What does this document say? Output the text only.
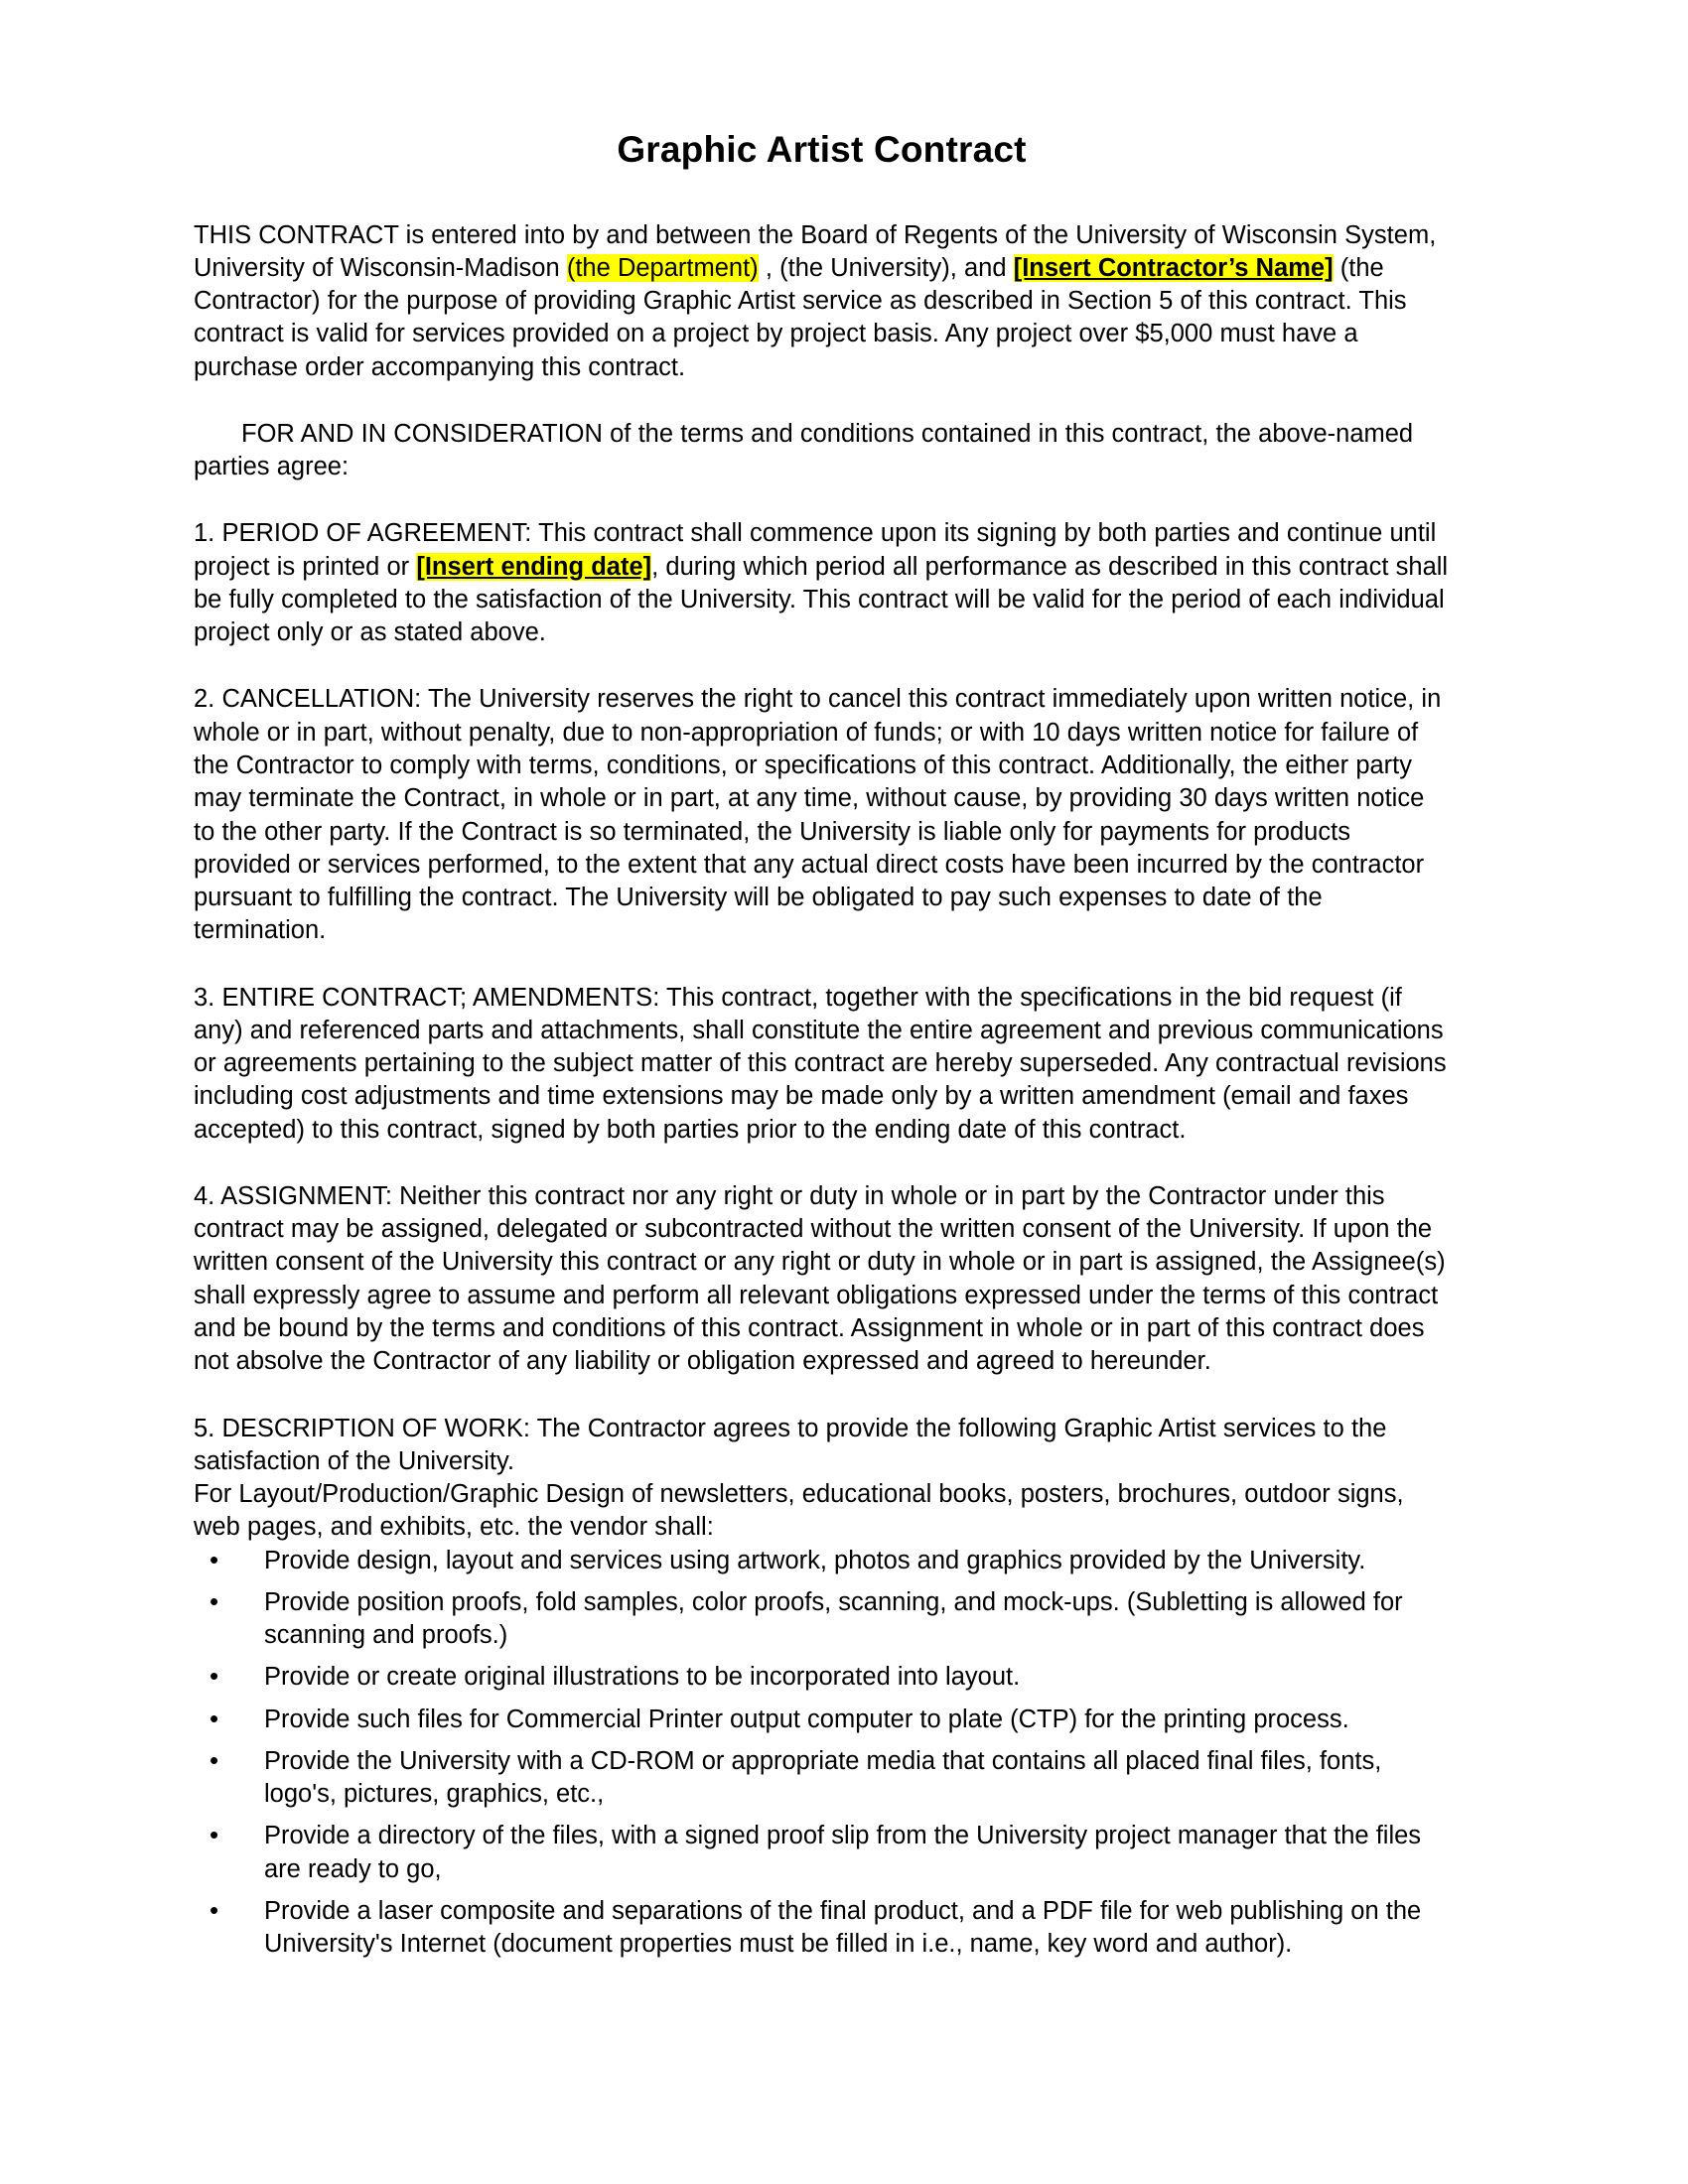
Graphic Artist Contract

THIS CONTRACT is entered into by and between the Board of Regents of the University of Wisconsin System, University of Wisconsin-Madison (the Department) , (the University), and [Insert Contractor’s Name] (the Contractor) for the purpose of providing Graphic Artist service as described in Section 5 of this contract. This contract is valid for services provided on a project by project basis. Any project over $5,000 must have a purchase order accompanying this contract.

FOR AND IN CONSIDERATION of the terms and conditions contained in this contract, the above-named parties agree:

1. PERIOD OF AGREEMENT: This contract shall commence upon its signing by both parties and continue until project is printed or [Insert ending date], during which period all performance as described in this contract shall be fully completed to the satisfaction of the University. This contract will be valid for the period of each individual project only or as stated above.

2. CANCELLATION: The University reserves the right to cancel this contract immediately upon written notice, in whole or in part, without penalty, due to non-appropriation of funds; or with 10 days written notice for failure of the Contractor to comply with terms, conditions, or specifications of this contract. Additionally, the either party may terminate the Contract, in whole or in part, at any time, without cause, by providing 30 days written notice to the other party. If the Contract is so terminated, the University is liable only for payments for products provided or services performed, to the extent that any actual direct costs have been incurred by the contractor pursuant to fulfilling the contract. The University will be obligated to pay such expenses to date of the termination.

3. ENTIRE CONTRACT; AMENDMENTS: This contract, together with the specifications in the bid request (if any) and referenced parts and attachments, shall constitute the entire agreement and previous communications or agreements pertaining to the subject matter of this contract are hereby superseded. Any contractual revisions including cost adjustments and time extensions may be made only by a written amendment (email and faxes accepted) to this contract, signed by both parties prior to the ending date of this contract.

4. ASSIGNMENT: Neither this contract nor any right or duty in whole or in part by the Contractor under this contract may be assigned, delegated or subcontracted without the written consent of the University. If upon the written consent of the University this contract or any right or duty in whole or in part is assigned, the Assignee(s) shall expressly agree to assume and perform all relevant obligations expressed under the terms of this contract and be bound by the terms and conditions of this contract. Assignment in whole or in part of this contract does not absolve the Contractor of any liability or obligation expressed and agreed to hereunder.

5. DESCRIPTION OF WORK: The Contractor agrees to provide the following Graphic Artist services to the satisfaction of the University.

For Layout/Production/Graphic Design of newsletters, educational books, posters, brochures, outdoor signs, web pages, and exhibits, etc. the vendor shall:

• Provide design, layout and services using artwork, photos and graphics provided by the University.
• Provide position proofs, fold samples, color proofs, scanning, and mock-ups. (Subletting is allowed for scanning and proofs.)
• Provide or create original illustrations to be incorporated into layout.
• Provide such files for Commercial Printer output computer to plate (CTP) for the printing process.
• Provide the University with a CD-ROM or appropriate media that contains all placed final files, fonts, logo's, pictures, graphics, etc.,
• Provide a directory of the files, with a signed proof slip from the University project manager that the files are ready to go,
• Provide a laser composite and separations of the final product, and a PDF file for web publishing on the University's Internet (document properties must be filled in i.e., name, key word and author).
